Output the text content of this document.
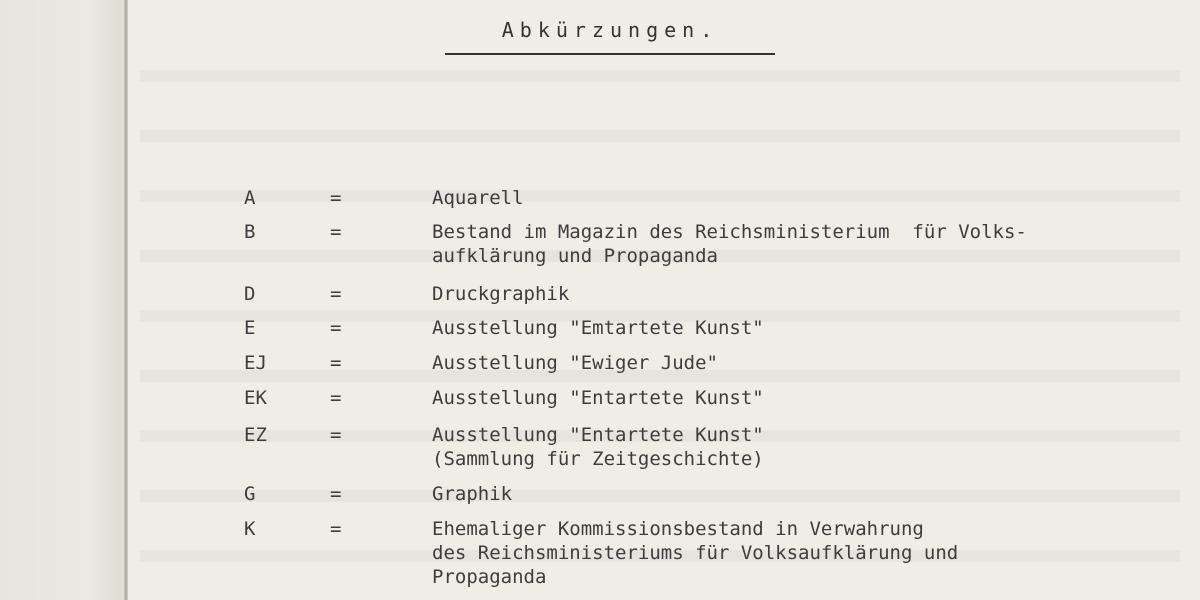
Abkürzungen.
A	=	Aquarell
B	=	Bestand im Magazin des Reichsministerium  für Volks-
aufklärung und Propaganda
D	=	Druckgraphik
E	=	Ausstellung "Emtartete Kunst"
EJ	=	Ausstellung "Ewiger Jude"
EK	=	Ausstellung "Entartete Kunst"
EZ	=	Ausstellung "Entartete Kunst"
(Sammlung für Zeitgeschichte)
G	=	Graphik
K	=	Ehemaliger Kommissionsbestand in Verwahrung
des Reichsministeriums für Volksaufklärung und
Propaganda
